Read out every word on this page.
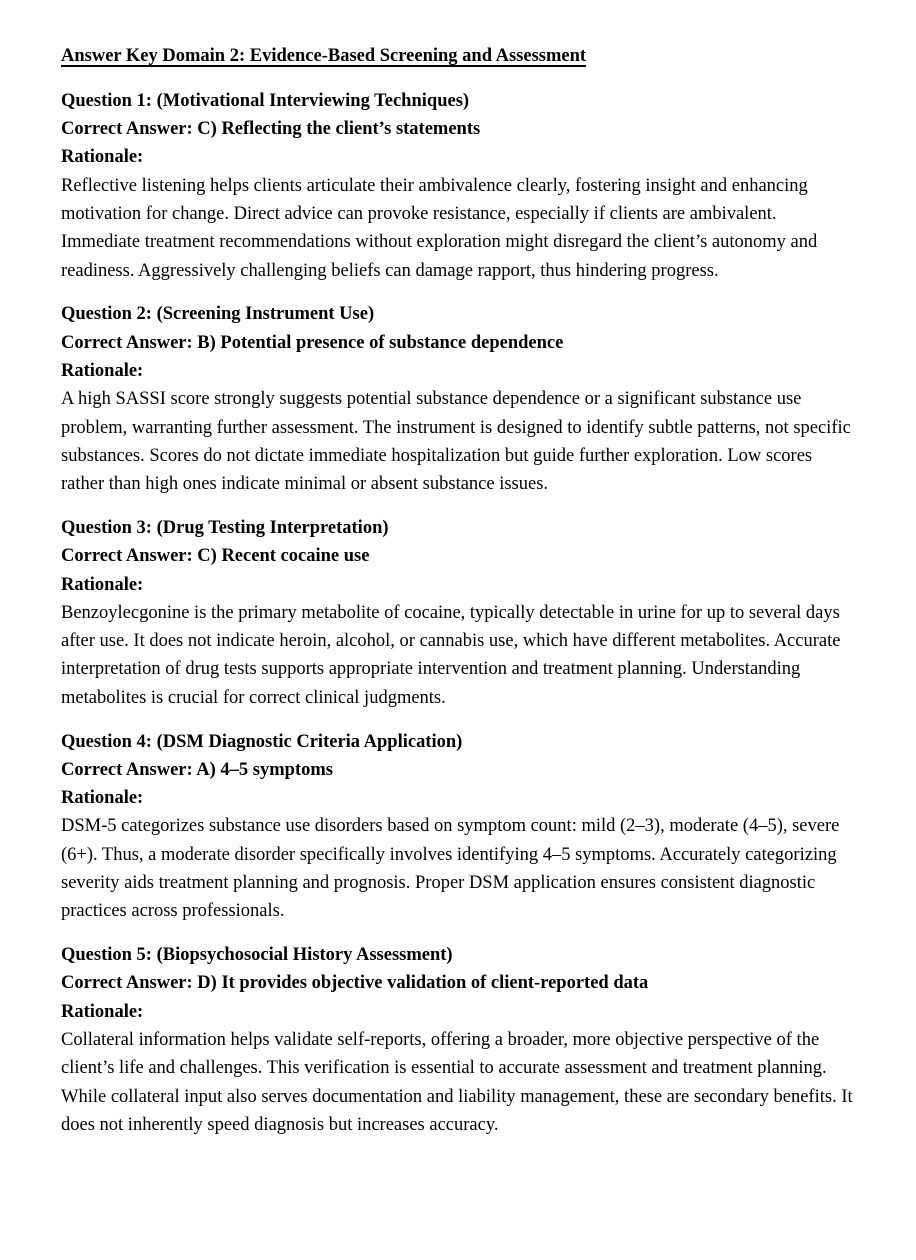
Answer Key Domain 2: Evidence-Based Screening and Assessment
Question 1: (Motivational Interviewing Techniques)
Correct Answer: C) Reflecting the client’s statements
Rationale:

Reflective listening helps clients articulate their ambivalence clearly, fostering insight and enhancing motivation for change. Direct advice can provoke resistance, especially if clients are ambivalent. Immediate treatment recommendations without exploration might disregard the client’s autonomy and readiness. Aggressively challenging beliefs can damage rapport, thus hindering progress.

Question 2: (Screening Instrument Use)
Correct Answer: B) Potential presence of substance dependence
Rationale:

A high SASSI score strongly suggests potential substance dependence or a significant substance use problem, warranting further assessment. The instrument is designed to identify subtle patterns, not specific substances. Scores do not dictate immediate hospitalization but guide further exploration. Low scores rather than high ones indicate minimal or absent substance issues.

Question 3: (Drug Testing Interpretation)
Correct Answer: C) Recent cocaine use
Rationale:

Benzoylecgonine is the primary metabolite of cocaine, typically detectable in urine for up to several days after use. It does not indicate heroin, alcohol, or cannabis use, which have different metabolites. Accurate interpretation of drug tests supports appropriate intervention and treatment planning. Understanding metabolites is crucial for correct clinical judgments.

Question 4: (DSM Diagnostic Criteria Application)
Correct Answer: A) 4–5 symptoms
Rationale:

DSM-5 categorizes substance use disorders based on symptom count: mild (2–3), moderate (4–5), severe (6+). Thus, a moderate disorder specifically involves identifying 4–5 symptoms. Accurately categorizing severity aids treatment planning and prognosis. Proper DSM application ensures consistent diagnostic practices across professionals.

Question 5: (Biopsychosocial History Assessment)
Correct Answer: D) It provides objective validation of client-reported data
Rationale:

Collateral information helps validate self-reports, offering a broader, more objective perspective of the client’s life and challenges. This verification is essential to accurate assessment and treatment planning. While collateral input also serves documentation and liability management, these are secondary benefits. It does not inherently speed diagnosis but increases accuracy.
